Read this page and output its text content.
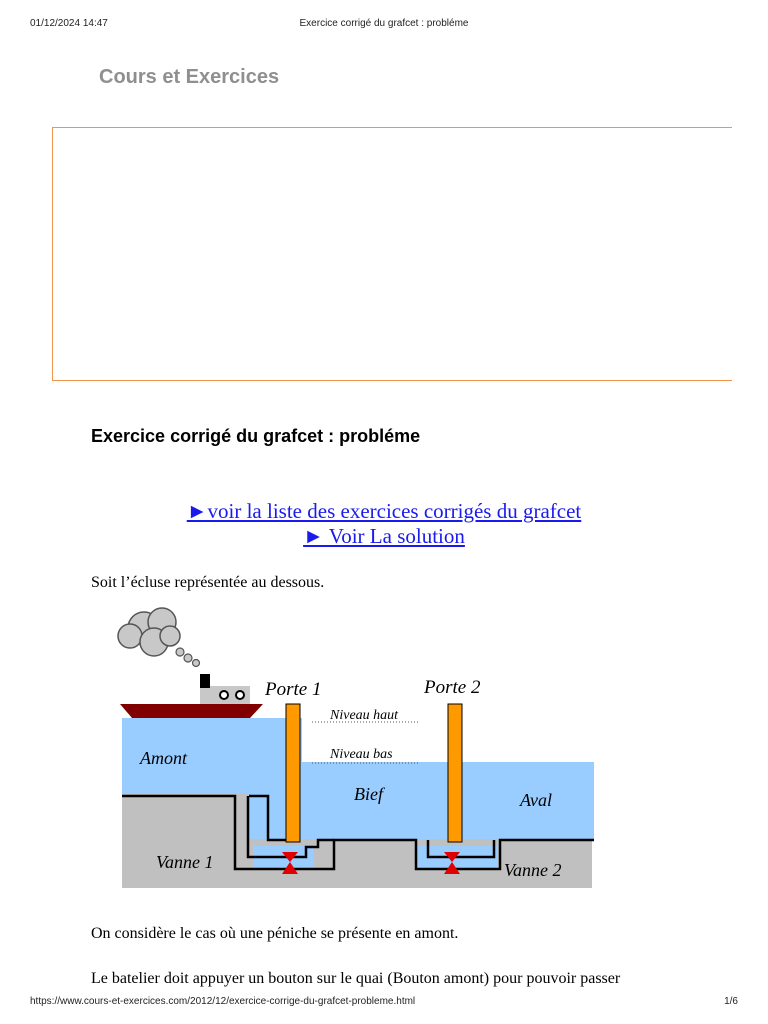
01/12/2024 14:47	Exercice corrigé du grafcet : probléme
Cours et Exercices
Exercice corrigé du grafcet : probléme
►voir la liste des exercices corrigés du grafcet
► Voir La solution
Soit l’écluse représentée au dessous.
Porte 1	Porte 2
Niveau haut
Niveau bas
Amont
Bief	Aval
Vanne 1	Vanne 2
On considère le cas où une péniche se présente en amont.
Le batelier doit appuyer un bouton sur le quai (Bouton amont) pour pouvoir passer
https://www.cours-et-exercices.com/2012/12/exercice-corrige-du-grafcet-probleme.html	1/6
